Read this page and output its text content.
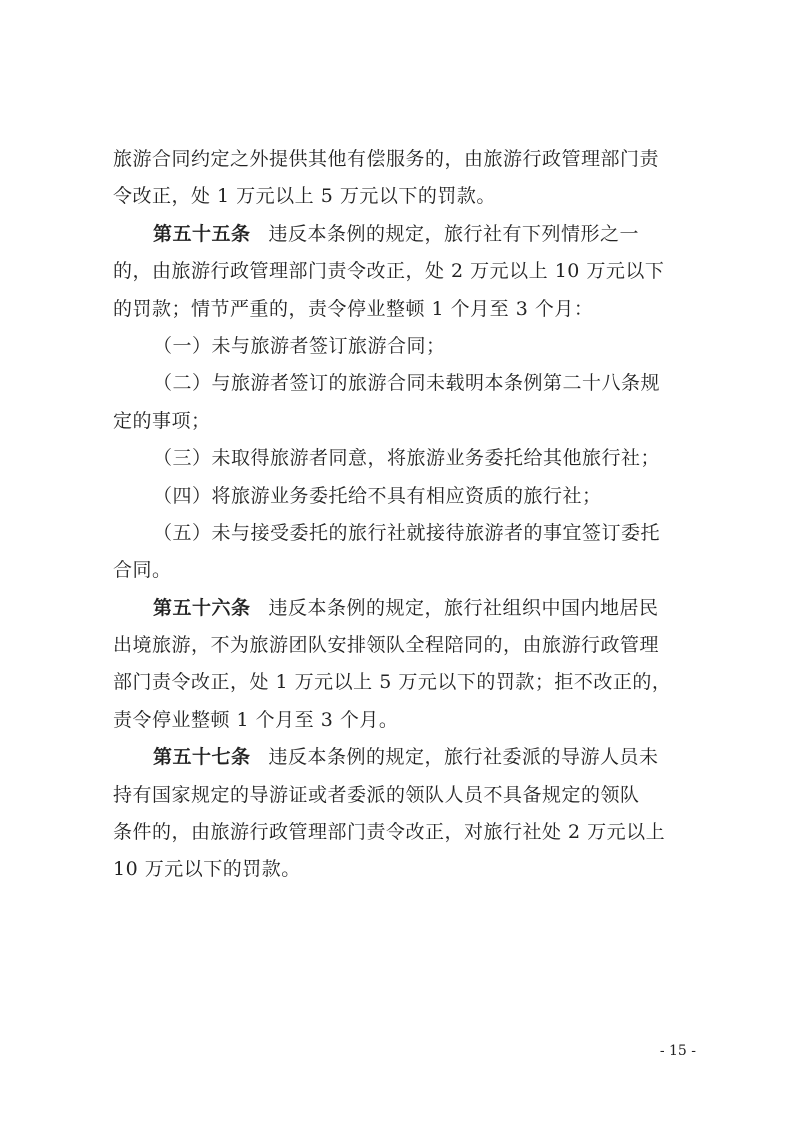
旅游合同约定之外提供其他有偿服务的，由旅游行政管理部门责
令改正，处 1 万元以上 5 万元以下的罚款。
第五十五条 违反本条例的规定，旅行社有下列情形之一
的，由旅游行政管理部门责令改正，处 2 万元以上 10 万元以下
的罚款；情节严重的，责令停业整顿 1 个月至 3 个月：
（一）未与旅游者签订旅游合同；
（二）与旅游者签订的旅游合同未载明本条例第二十八条规
定的事项；
（三）未取得旅游者同意，将旅游业务委托给其他旅行社；
（四）将旅游业务委托给不具有相应资质的旅行社；
（五）未与接受委托的旅行社就接待旅游者的事宜签订委托
合同。
第五十六条 违反本条例的规定，旅行社组织中国内地居民
出境旅游，不为旅游团队安排领队全程陪同的，由旅游行政管理
部门责令改正，处 1 万元以上 5 万元以下的罚款；拒不改正的，
责令停业整顿 1 个月至 3 个月。
第五十七条 违反本条例的规定，旅行社委派的导游人员未
持有国家规定的导游证或者委派的领队人员不具备规定的领队
条件的，由旅游行政管理部门责令改正，对旅行社处 2 万元以上
10 万元以下的罚款。
- 15 -
